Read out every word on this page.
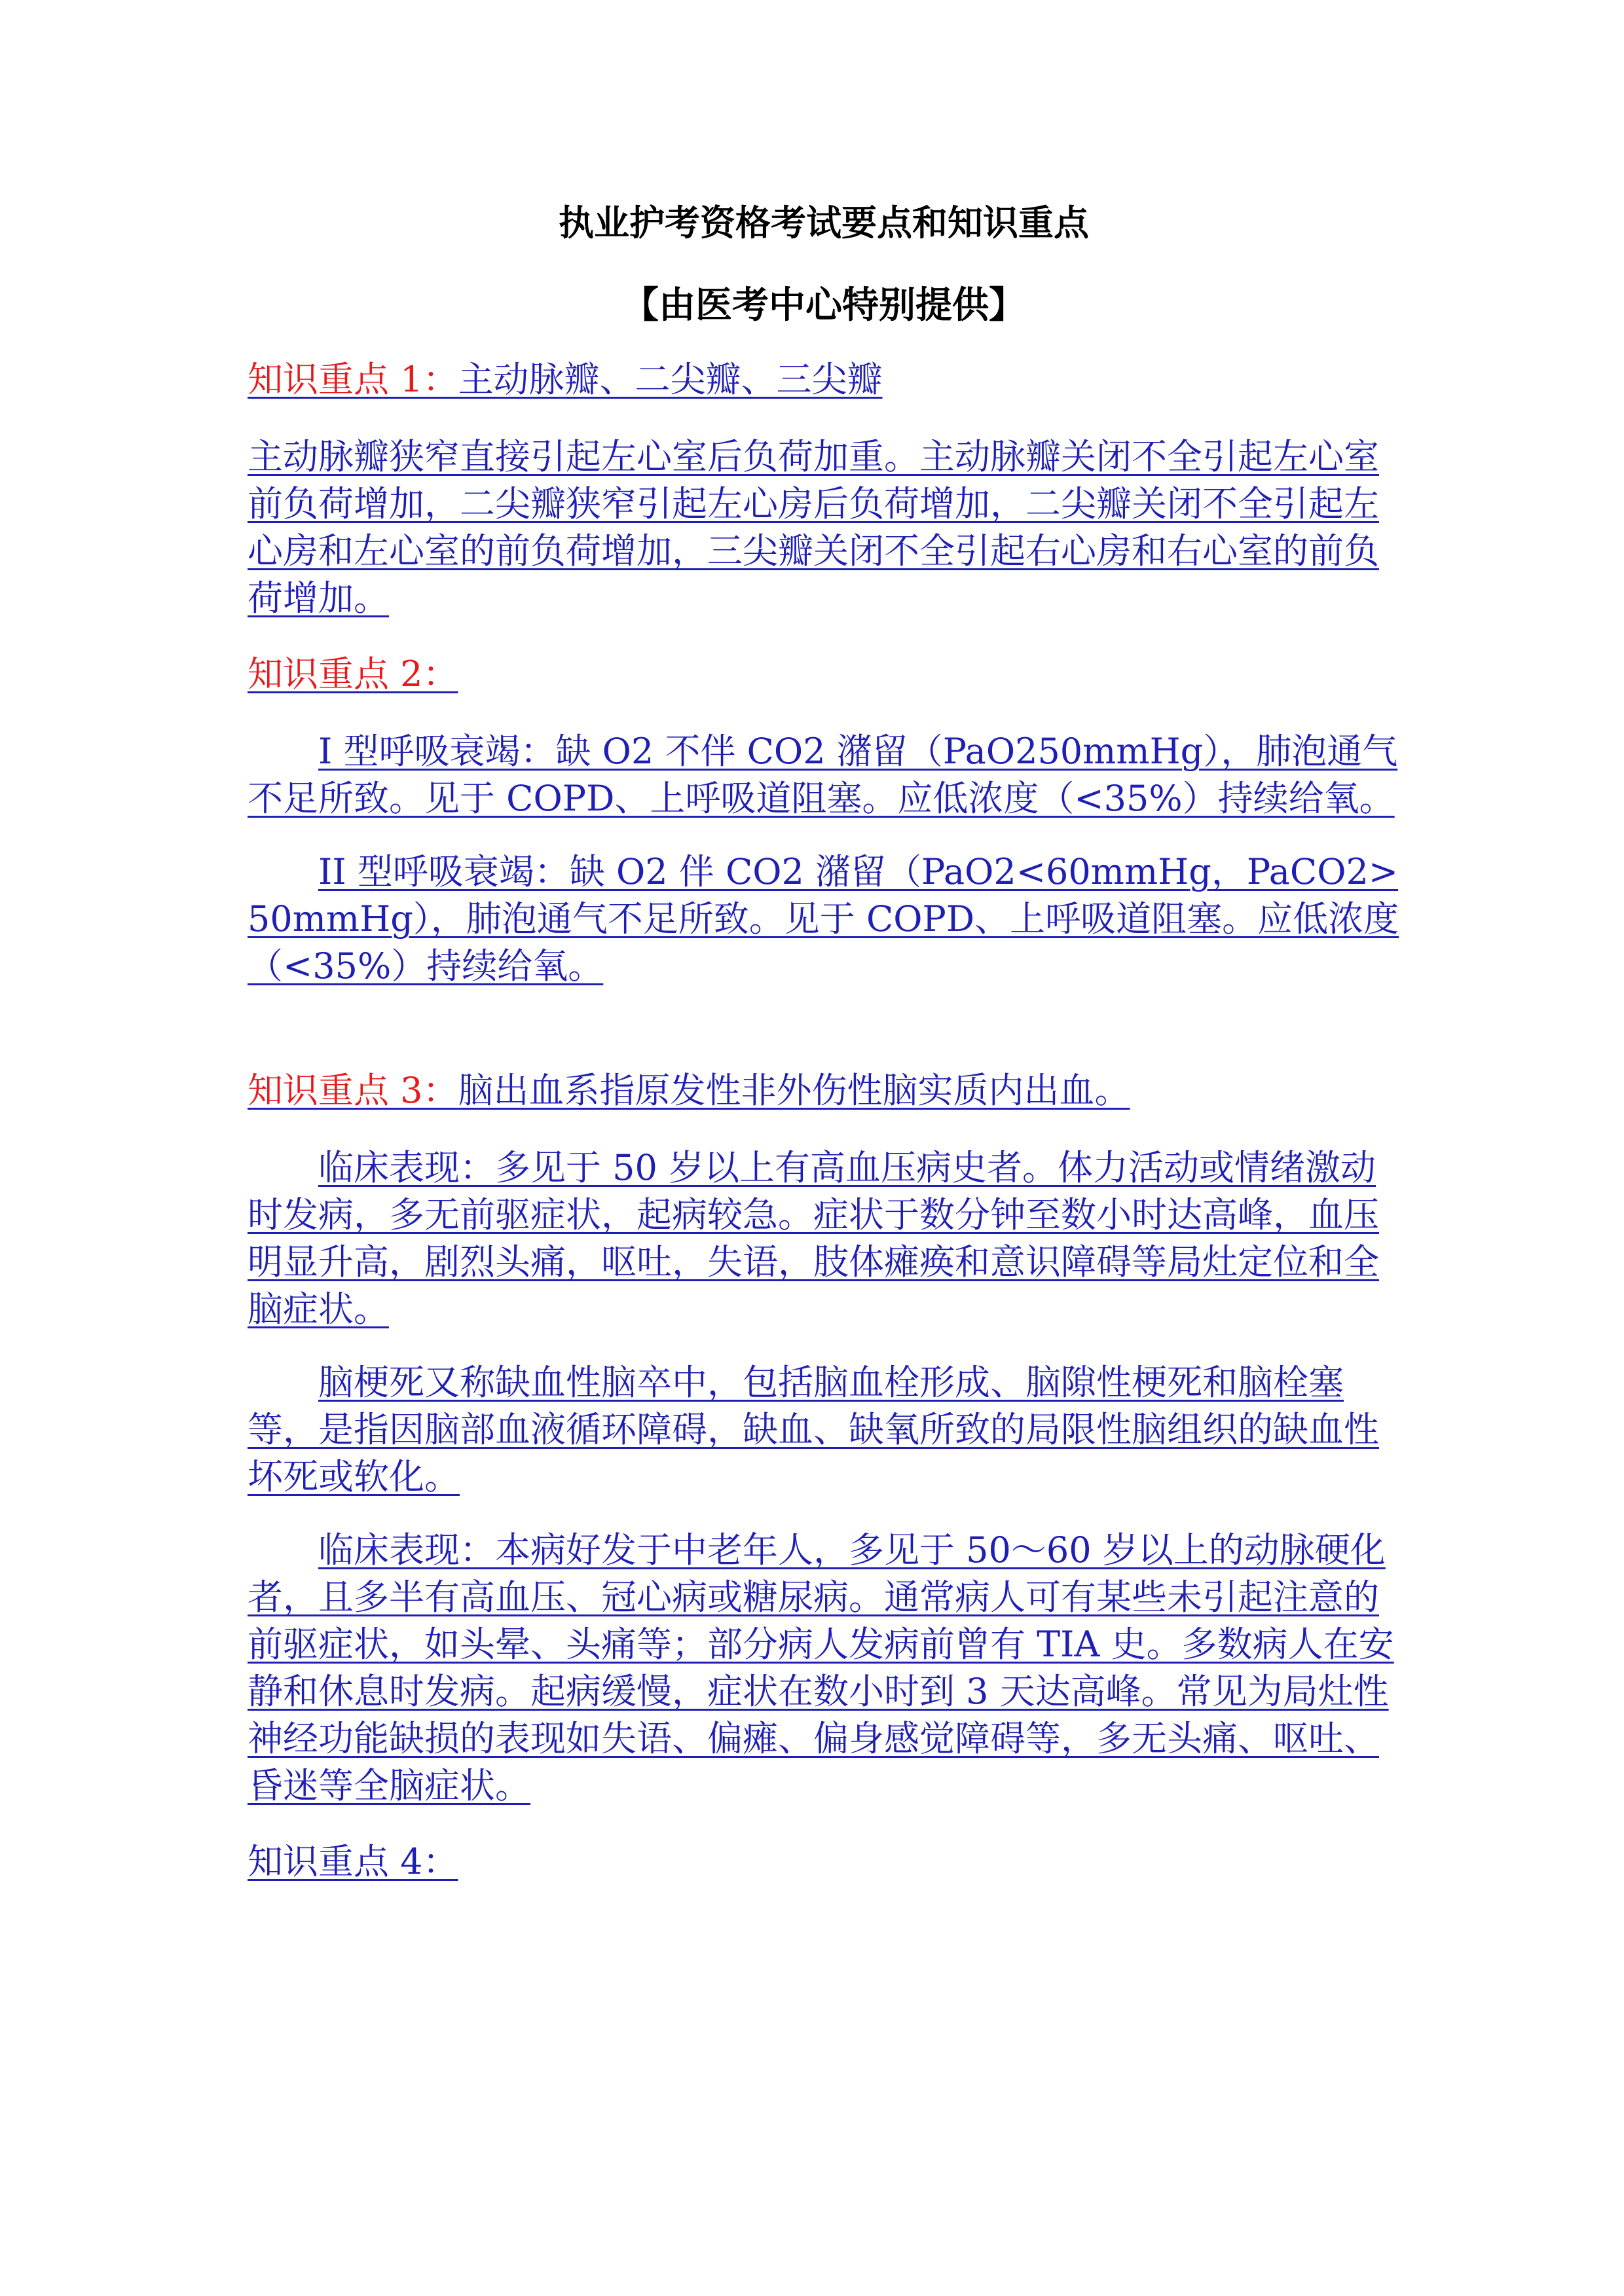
执业护考资格考试要点和知识重点
【由医考中心特别提供】

知识重点 1：主动脉瓣、二尖瓣、三尖瓣

主动脉瓣狭窄直接引起左心室后负荷加重。主动脉瓣关闭不全引起左心室前负荷增加，二尖瓣狭窄引起左心房后负荷增加，二尖瓣关闭不全引起左心房和左心室的前负荷增加，三尖瓣关闭不全引起右心房和右心室的前负荷增加。

知识重点 2：

I 型呼吸衰竭：缺 O2 不伴 CO2 潴留（PaO250mmHg），肺泡通气不足所致。见于 COPD、上呼吸道阻塞。应低浓度（<35%）持续给氧。

II 型呼吸衰竭：缺 O2 伴 CO2 潴留（PaO2<60mmHg，PaCO2>50mmHg），肺泡通气不足所致。见于 COPD、上呼吸道阻塞。应低浓度（<35%）持续给氧。

知识重点 3：脑出血系指原发性非外伤性脑实质内出血。

临床表现：多见于 50 岁以上有高血压病史者。体力活动或情绪激动时发病，多无前驱症状，起病较急。症状于数分钟至数小时达高峰，血压明显升高，剧烈头痛，呕吐，失语，肢体瘫痪和意识障碍等局灶定位和全脑症状。

脑梗死又称缺血性脑卒中，包括脑血栓形成、脑隙性梗死和脑栓塞等，是指因脑部血液循环障碍，缺血、缺氧所致的局限性脑组织的缺血性坏死或软化。

临床表现：本病好发于中老年人，多见于 50～60 岁以上的动脉硬化者，且多半有高血压、冠心病或糖尿病。通常病人可有某些未引起注意的前驱症状，如头晕、头痛等；部分病人发病前曾有 TIA 史。多数病人在安静和休息时发病。起病缓慢，症状在数小时到 3 天达高峰。常见为局灶性神经功能缺损的表现如失语、偏瘫、偏身感觉障碍等，多无头痛、呕吐、昏迷等全脑症状。

知识重点 4：
